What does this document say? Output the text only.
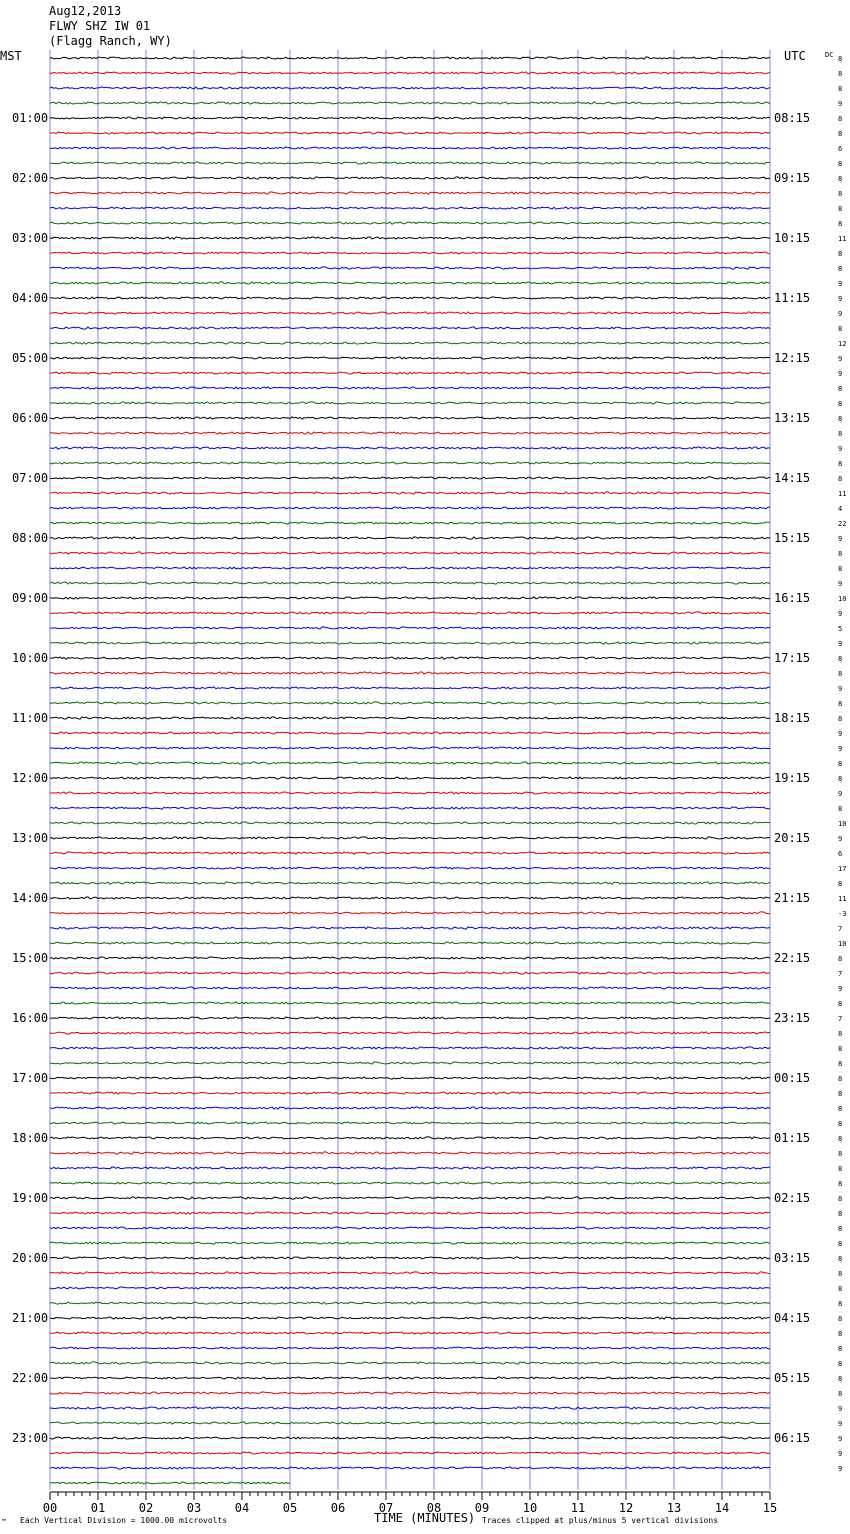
Aug12,2013
FLWY SHZ IW 01
(Flagg Ranch, WY)
8
8
8
9
8
8
6
8
8
8
8
8
11
8
8
9
9
9
8
12
9
9
8
8
8
8
9
8
8
11
4
22
9
8
8
9
10
9
5
9
8
8
9
8
8
9
9
8
8
9
8
10
9
6
17
8
11
-3
7
10
8
7
9
8
7
8
8
8
8
8
8
8
8
8
8
8
8
8
8
8
8
8
8
8
8
8
8
8
8
8
9
9
9
9
9
01:00
02:00
03:00
04:00
05:00
06:00
07:00
08:00
09:00
10:00
11:00
12:00
13:00
14:00
15:00
16:00
17:00
18:00
19:00
20:00
21:00
22:00
23:00
08:15
09:15
10:15
11:15
12:15
13:15
14:15
15:15
16:15
17:15
18:15
19:15
20:15
21:15
22:15
23:15
00:15
01:15
02:15
03:15
04:15
05:15
06:15
00	01	02	03	04	05	06	07	08	09	10	11	12	13	14	15
MST	UTC	DC
TIME (MINUTES)
™ Each Vertical Division = 1000.00 microvolts	Traces clipped at plus/minus 5 vertical divisions
